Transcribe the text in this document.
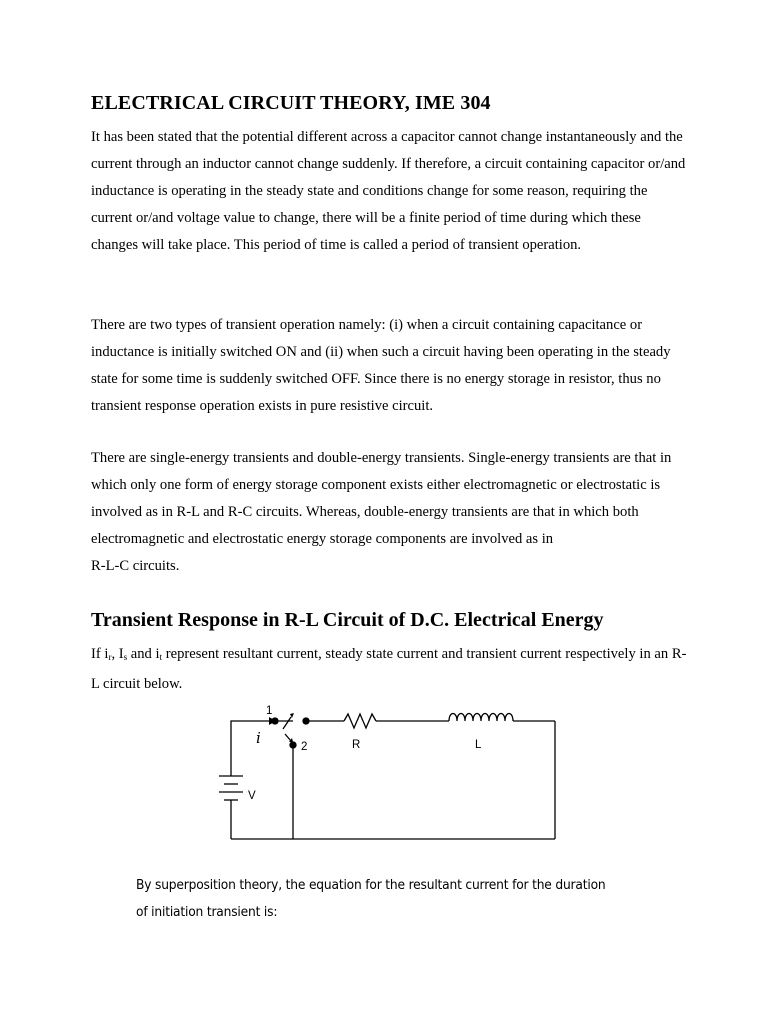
ELECTRICAL CIRCUIT THEORY, IME 304

It has been stated that the potential different across a capacitor cannot change instantaneously and the current through an inductor cannot change suddenly. If therefore, a circuit containing capacitor or/and inductance is operating in the steady state and conditions change for some reason, requiring the current or/and voltage value to change, there will be a finite period of time during which these changes will take place. This period of time is called a period of transient operation.

There are two types of transient operation namely: (i) when a circuit containing capacitance or inductance is initially switched ON and (ii) when such a circuit having been operating in the steady state for some time is suddenly switched OFF. Since there is no energy storage in resistor, thus no transient response operation exists in pure resistive circuit.

There are single-energy transients and double-energy transients. Single-energy transients are that in which only one form of energy storage component exists either electromagnetic or electrostatic is involved as in R-L and R-C circuits. Whereas, double-energy transients are that in which both electromagnetic and electrostatic energy storage components are involved as in
R-L-C circuits.

Transient Response in R-L Circuit of D.C. Electrical Energy

If $i_r$, $I_s$ and $i_t$ represent resultant current, steady state current and transient current respectively in an R-L circuit below.

1
2
i	R	L
V

By superposition theory, the equation for the resultant current for the duration of initiation transient is:
